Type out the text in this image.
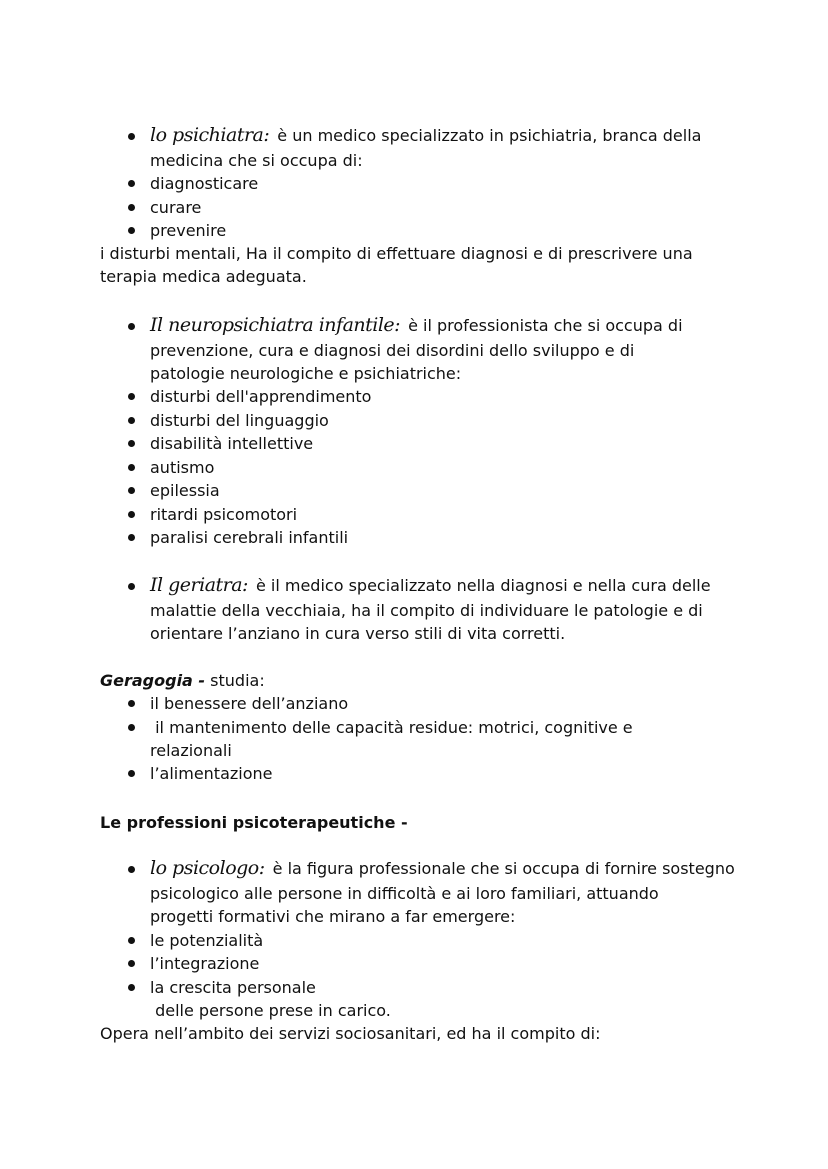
lo psichiatra: è un medico specializzato in psichiatria, branca della
medicina che si occupa di:
diagnosticare
curare
prevenire
i disturbi mentali, Ha il compito di effettuare diagnosi e di prescrivere una
terapia medica adeguata.
Il neuropsichiatra infantile: è il professionista che si occupa di
prevenzione, cura e diagnosi dei disordini dello sviluppo e di
patologie neurologiche e psichiatriche:
disturbi dell'apprendimento
disturbi del linguaggio
disabilità intellettive
autismo
epilessia
ritardi psicomotori
paralisi cerebrali infantili
Il geriatra: è il medico specializzato nella diagnosi e nella cura delle
malattie della vecchiaia, ha il compito di individuare le patologie e di
orientare l’anziano in cura verso stili di vita corretti.
Geragogia - studia:
il benessere dell’anziano
il mantenimento delle capacità residue: motrici, cognitive e
relazionali
l’alimentazione
Le professioni psicoterapeutiche -
lo psicologo: è la figura professionale che si occupa di fornire sostegno
psicologico alle persone in difficoltà e ai loro familiari, attuando
progetti formativi che mirano a far emergere:
le potenzialità
l’integrazione
la crescita personale
delle persone prese in carico.
Opera nell’ambito dei servizi sociosanitari, ed ha il compito di:
